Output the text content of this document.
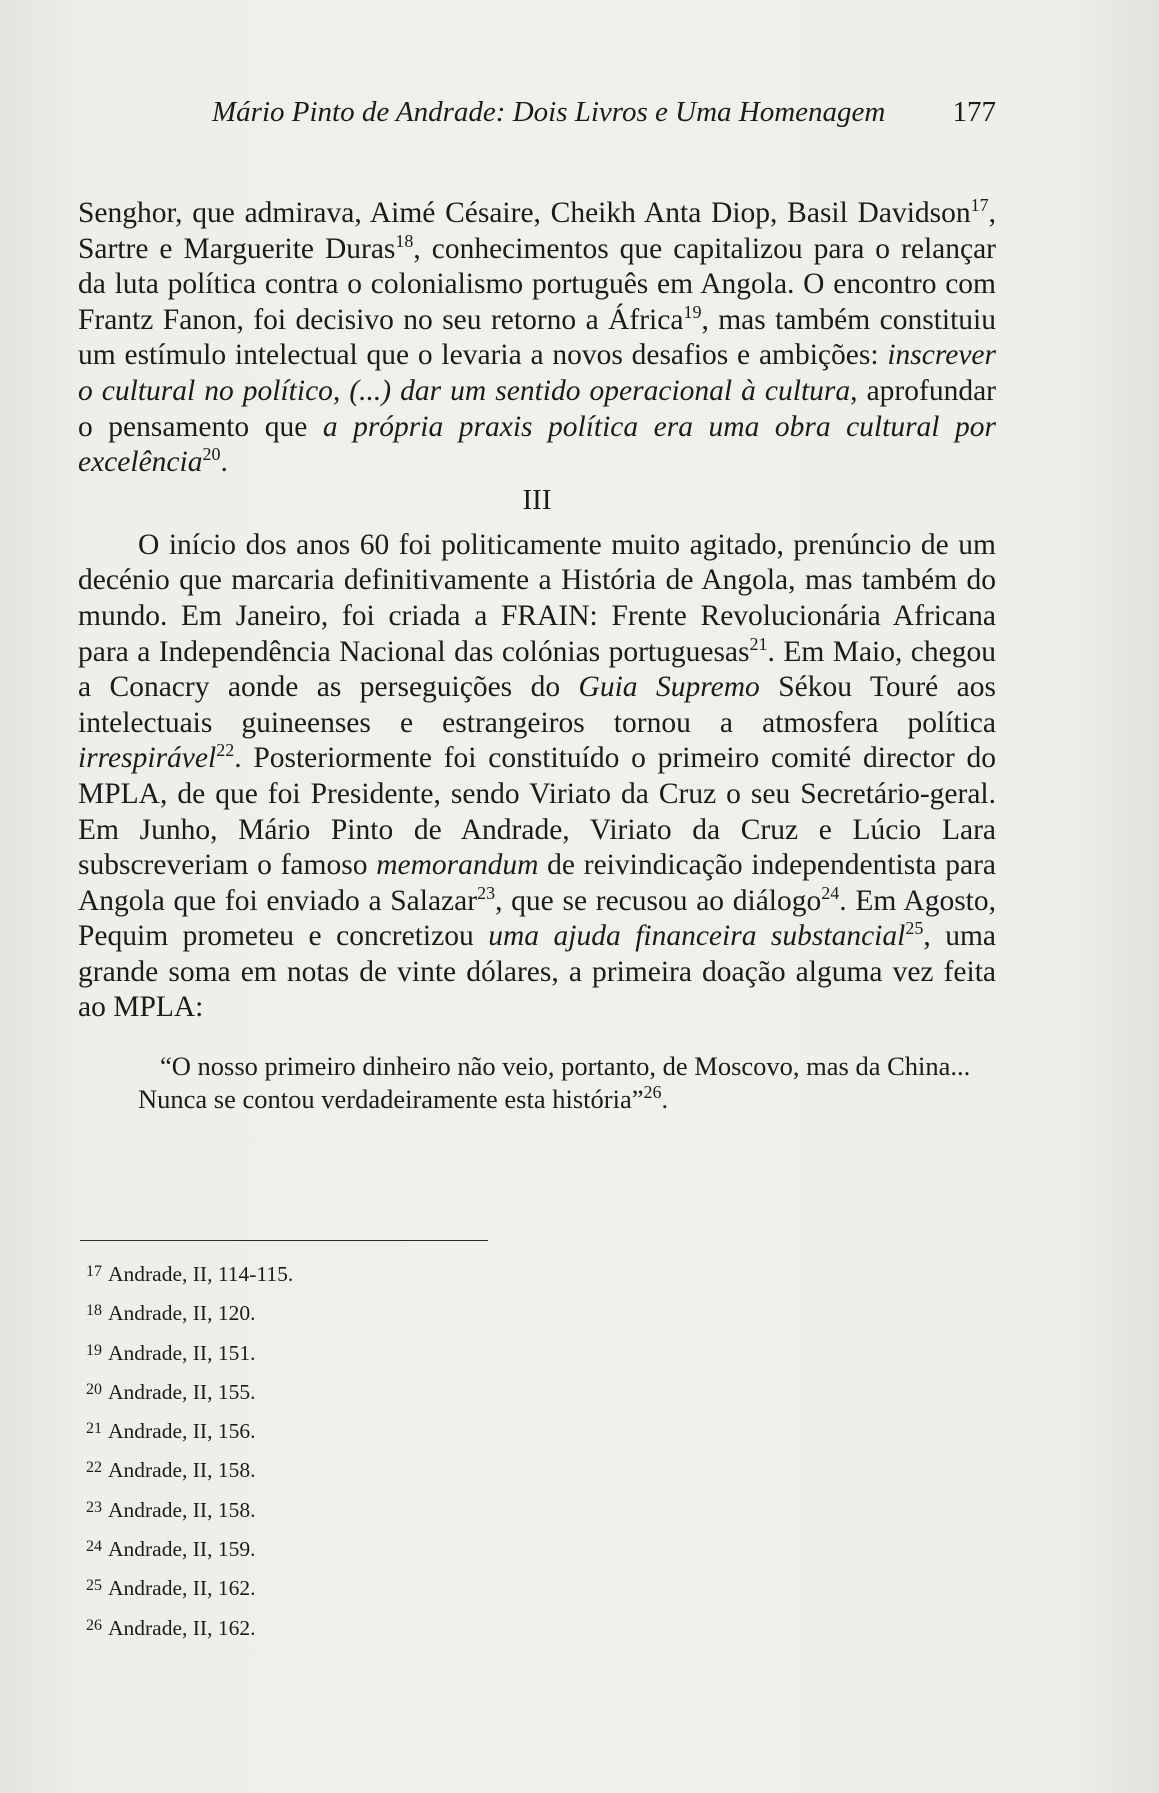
Mário Pinto de Andrade: Dois Livros e Uma Homenagem 177

Senghor, que admirava, Aimé Césaire, Cheikh Anta Diop, Basil Davidson$^{17}$, Sartre e Marguerite Duras$^{18}$, conhecimentos que capitalizou para o relançar da luta política contra o colonialismo português em Angola. O encontro com Frantz Fanon, foi decisivo no seu retorno a África$^{19}$, mas também constituiu um estímulo intelectual que o levaria a novos desafios e ambições: inscrever o cultural no político, (...) dar um sentido operacional à cultura, aprofundar o pensamento que a própria praxis política era uma obra cultural por excelência$^{20}$.

III

O início dos anos 60 foi politicamente muito agitado, prenúncio de um decénio que marcaria definitivamente a História de Angola, mas também do mundo. Em Janeiro, foi criada a FRAIN: Frente Revolucionária Africana para a Independência Nacional das colónias portuguesas$^{21}$. Em Maio, chegou a Conacry aonde as perseguições do Guia Supremo Sékou Touré aos intelectuais guineenses e estrangeiros tornou a atmosfera política irrespirável$^{22}$. Posteriormente foi constituído o primeiro comité director do MPLA, de que foi Presidente, sendo Viriato da Cruz o seu Secretário-geral. Em Junho, Mário Pinto de Andrade, Viriato da Cruz e Lúcio Lara subscreveriam o famoso memorandum de reivindicação independentista para Angola que foi enviado a Salazar$^{23}$, que se recusou ao diálogo$^{24}$. Em Agosto, Pequim prometeu e concretizou uma ajuda financeira substancial$^{25}$, uma grande soma em notas de vinte dólares, a primeira doação alguma vez feita ao MPLA:

“O nosso primeiro dinheiro não veio, portanto, de Moscovo, mas da China...
Nunca se contou verdadeiramente esta história”$^{26}$.
$^{17}$ Andrade, II, 114-115.
$^{18}$ Andrade, II, 120.
$^{19}$ Andrade, II, 151.
$^{20}$ Andrade, II, 155.
$^{21}$ Andrade, II, 156.
$^{22}$ Andrade, II, 158.
$^{23}$ Andrade, II, 158.
$^{24}$ Andrade, II, 159.
$^{25}$ Andrade, II, 162.
$^{26}$ Andrade, II, 162.
